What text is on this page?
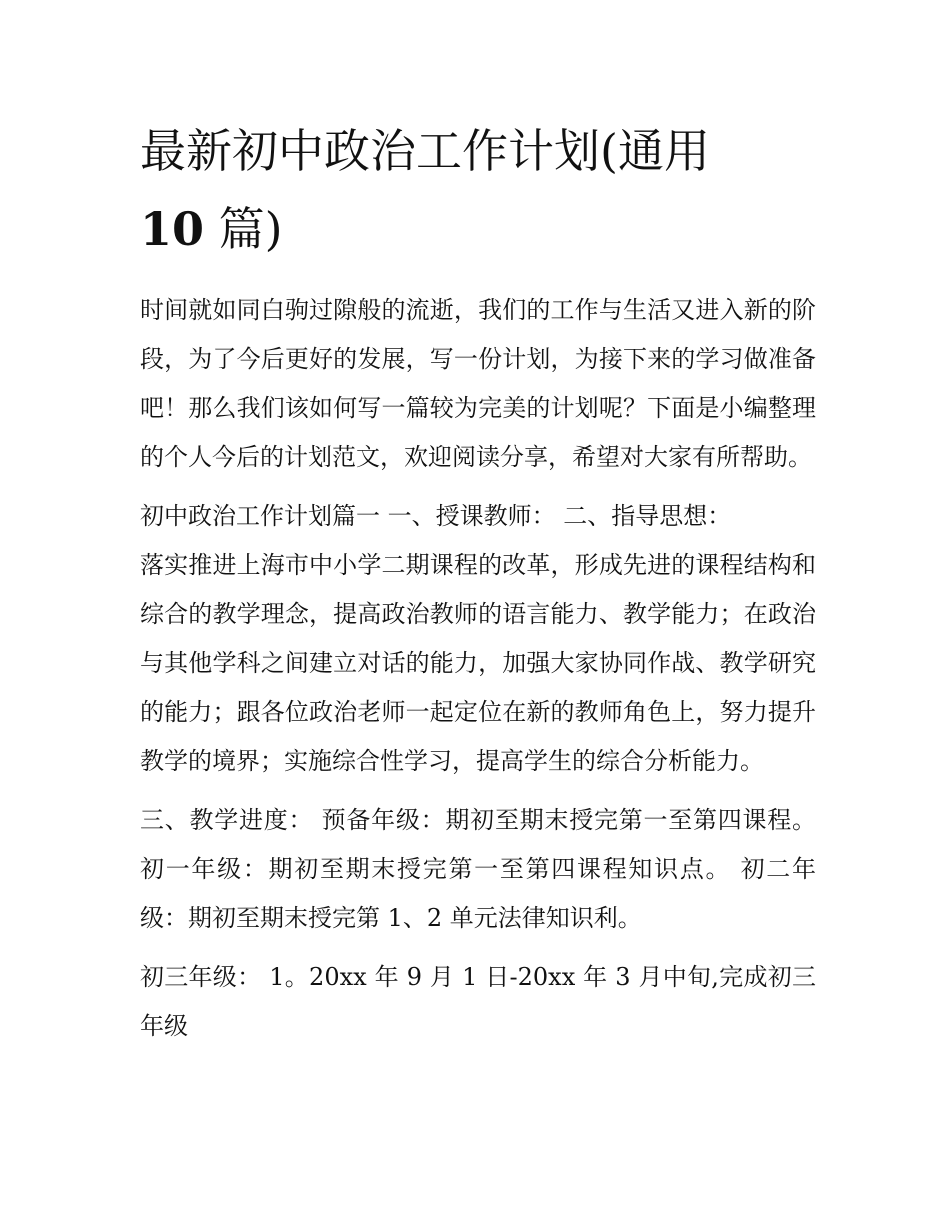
最新初中政治工作计划(通用
10 篇)

时间就如同白驹过隙般的流逝，我们的工作与生活又进入新的阶段，为了今后更好的发展，写一份计划，为接下来的学习做准备吧！那么我们该如何写一篇较为完美的计划呢？下面是小编整理的个人今后的计划范文，欢迎阅读分享，希望对大家有所帮助。

初中政治工作计划篇一 一、授课教师： 二、指导思想：

落实推进上海市中小学二期课程的改革，形成先进的课程结构和综合的教学理念，提高政治教师的语言能力、教学能力；在政治与其他学科之间建立对话的能力，加强大家协同作战、教学研究的能力；跟各位政治老师一起定位在新的教师角色上，努力提升教学的境界；实施综合性学习，提高学生的综合分析能力。

三、教学进度： 预备年级：期初至期末授完第一至第四课程。 初一年级：期初至期末授完第一至第四课程知识点。 初二年级：期初至期末授完第 1、2 单元法律知识利。

初三年级： 1。20xx 年 9 月 1 日-20xx 年 3 月中旬,完成初三年级
